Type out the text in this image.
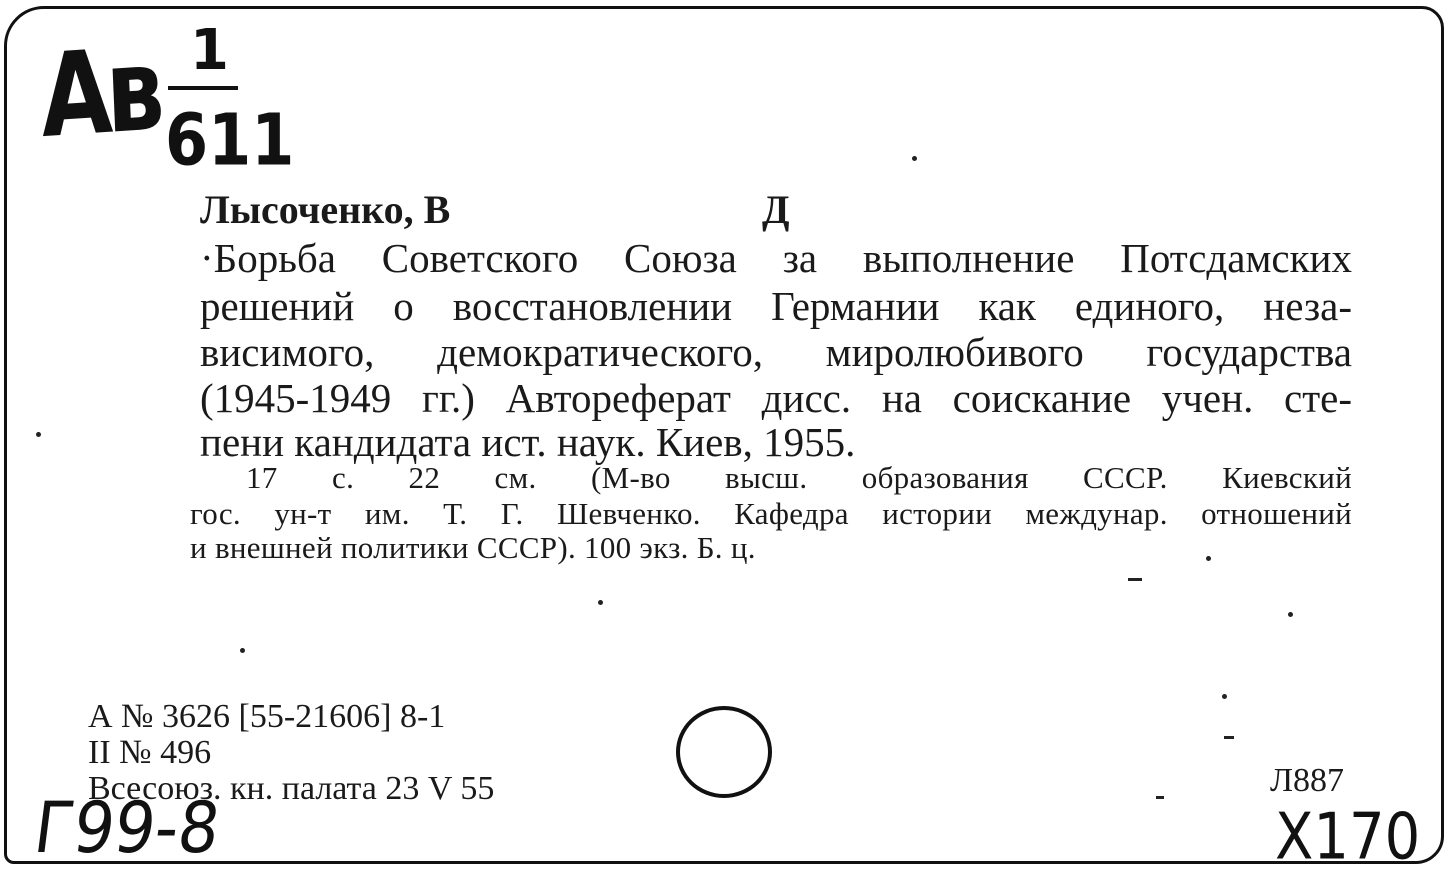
Ав 1
611
Лысоченко, В	Д
·Борьба Советского Союза за выполнение Потсдамских
решений о восстановлении Германии как единого, неза-
висимого, демократического, миролюбивого государства
(1945-1949 гг.) Автореферат дисс. на соискание учен. сте-
пени кандидата ист. наук. Киев, 1955.
17 с. 22 см. (М-во высш. образования СССР. Киевский
гос. ун-т им. Т. Г. Шевченко. Кафедра истории междунар. отношений
и внешней политики СССР). 100 экз. Б. ц.
А № 3626 [55-21606] 8-1
II № 496
Всесоюз. кн. палата 23 V 55	Л887
Г99-8	Х170
